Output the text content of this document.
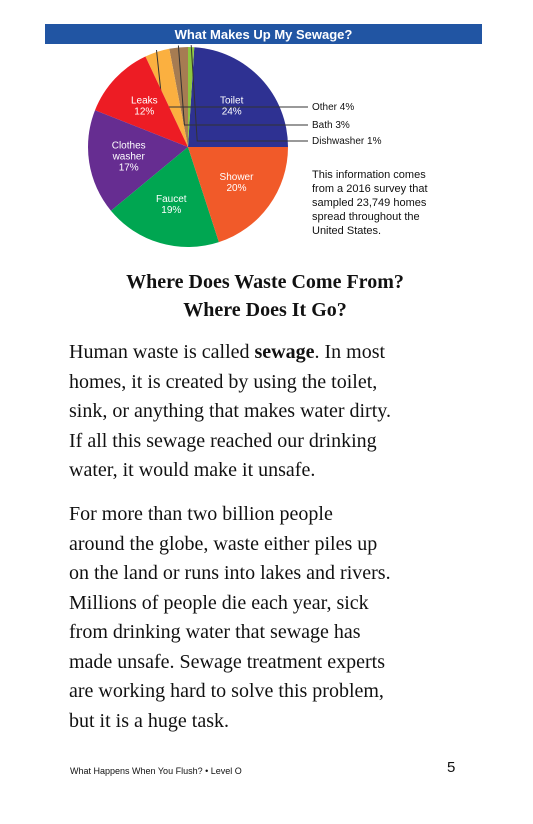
What Makes Up My Sewage?
Toilet 24%
Dishwasher 1%
Bath 3%
Other 4%
Leaks 12%
Clothes washer 17%
Faucet 19%
Shower 20%
This information comes
from a 2016 survey that
sampled 23,749 homes
spread throughout the
United States.
Where Does Waste Come From?
Where Does It Go?
Human waste is called sewage. In most
homes, it is created by using the toilet,
sink, or anything that makes water dirty.
If all this sewage reached our drinking
water, it would make it unsafe.
For more than two billion people
around the globe, waste either piles up
on the land or runs into lakes and rivers.
Millions of people die each year, sick
from drinking water that sewage has
made unsafe. Sewage treatment experts
are working hard to solve this problem,
but it is a huge task.
What Happens When You Flush? • Level O	5
